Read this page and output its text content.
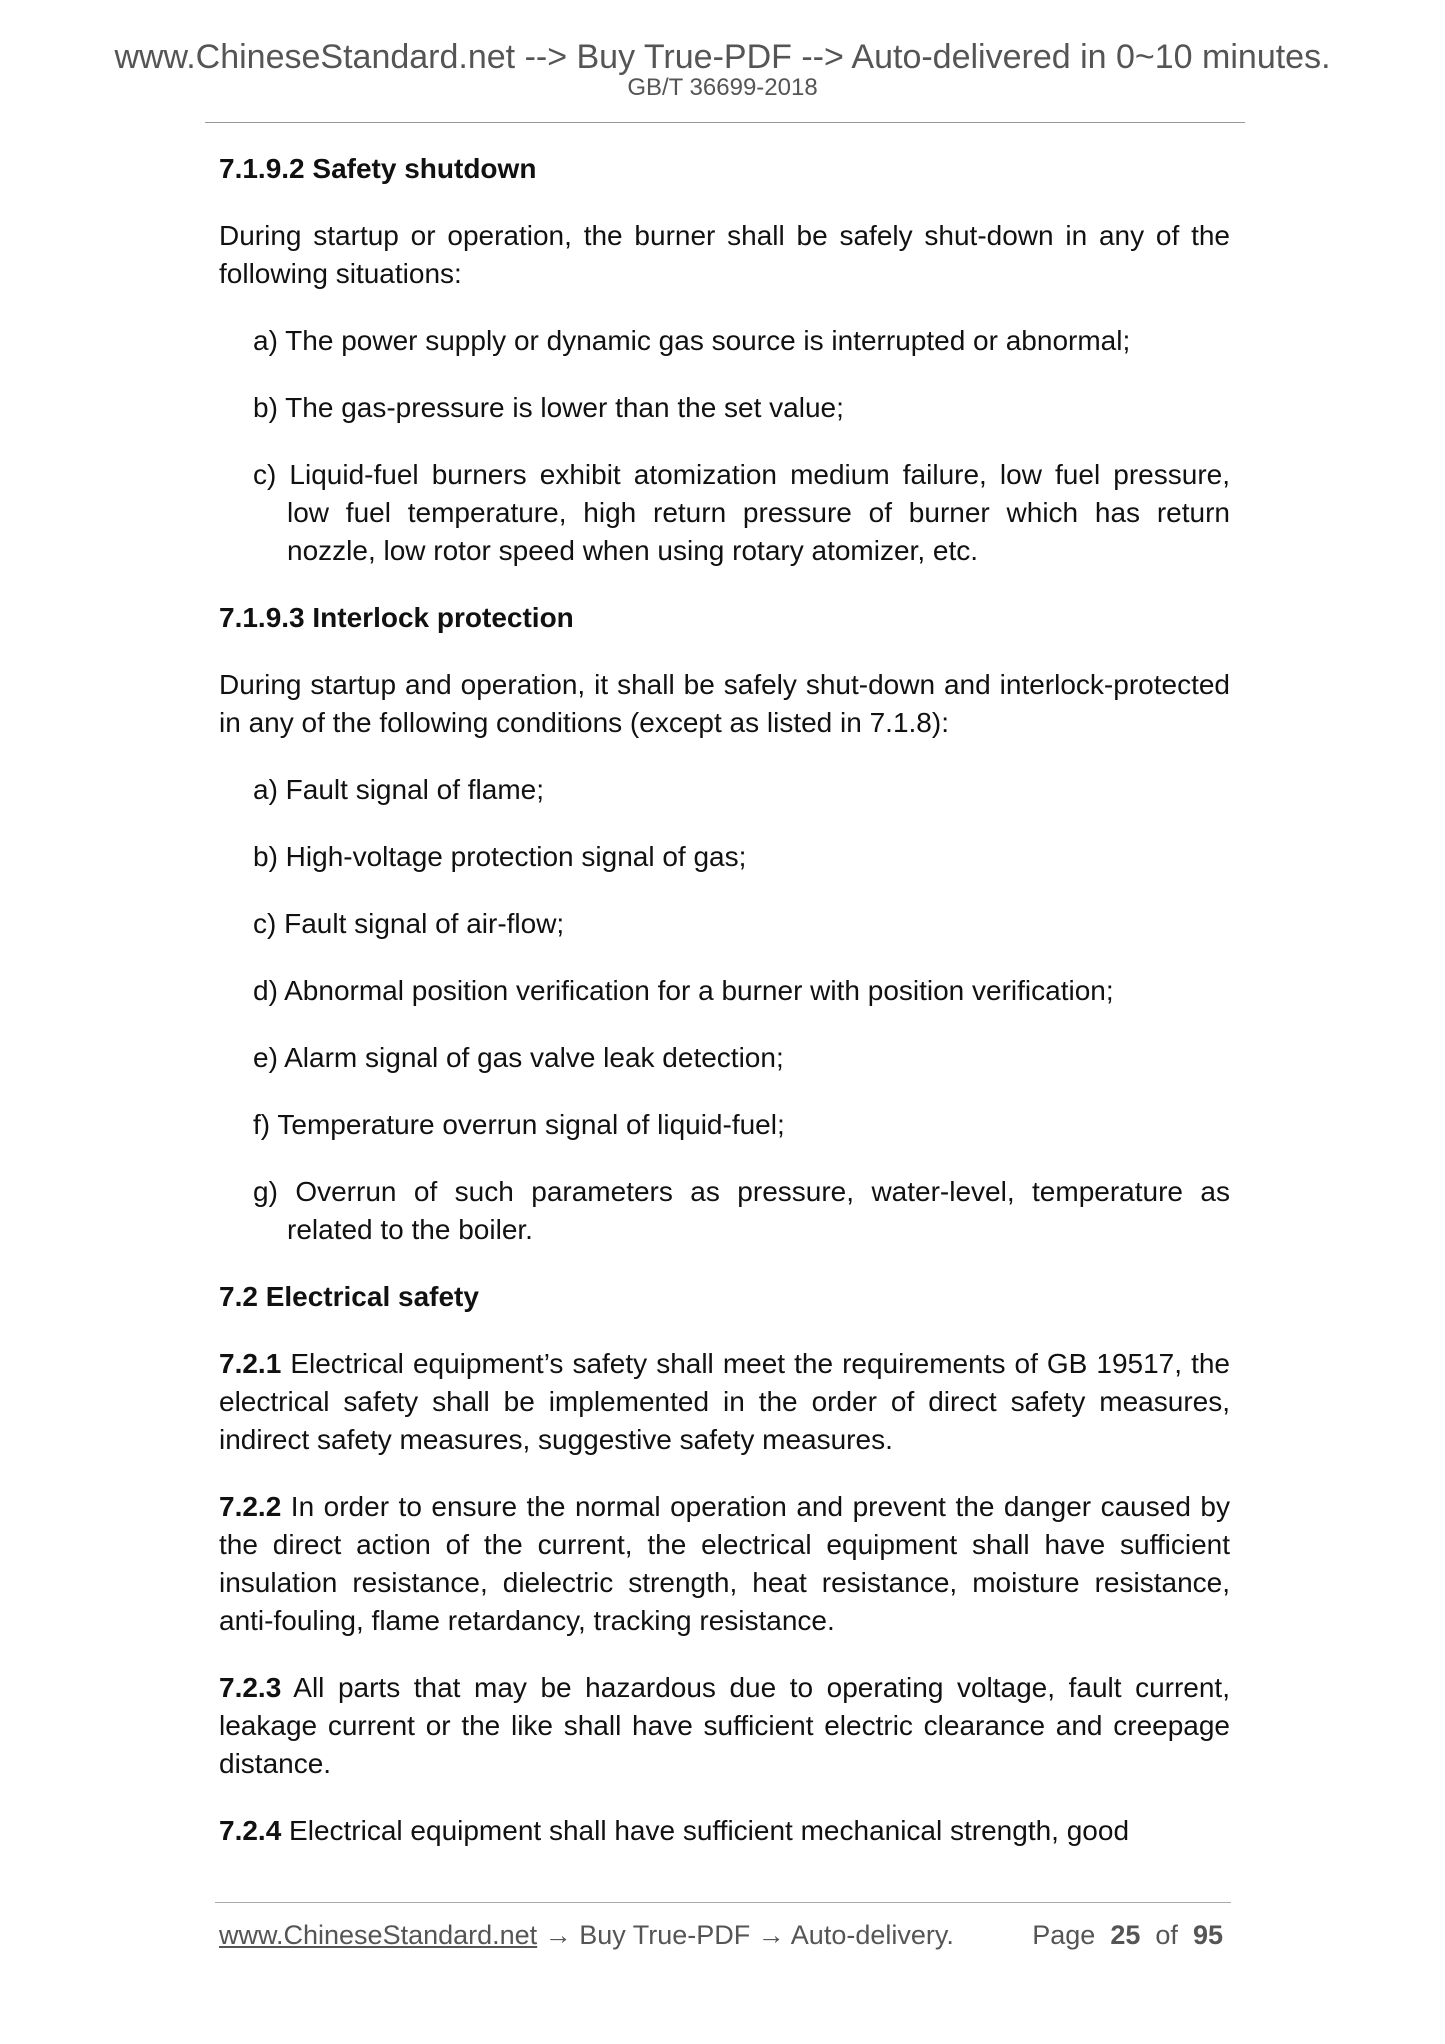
www.ChineseStandard.net --> Buy True-PDF --> Auto-delivered in 0~10 minutes.
GB/T 36699-2018

7.1.9.2 Safety shutdown

During startup or operation, the burner shall be safely shut-down in any of the following situations:

a) The power supply or dynamic gas source is interrupted or abnormal;

b) The gas-pressure is lower than the set value;

c) Liquid-fuel burners exhibit atomization medium failure, low fuel pressure, low fuel temperature, high return pressure of burner which has return nozzle, low rotor speed when using rotary atomizer, etc.

7.1.9.3 Interlock protection

During startup and operation, it shall be safely shut-down and interlock-protected in any of the following conditions (except as listed in 7.1.8):

a) Fault signal of flame;

b) High-voltage protection signal of gas;

c) Fault signal of air-flow;

d) Abnormal position verification for a burner with position verification;

e) Alarm signal of gas valve leak detection;

f) Temperature overrun signal of liquid-fuel;

g) Overrun of such parameters as pressure, water-level, temperature as related to the boiler.

7.2 Electrical safety

7.2.1 Electrical equipment’s safety shall meet the requirements of GB 19517, the electrical safety shall be implemented in the order of direct safety measures, indirect safety measures, suggestive safety measures.

7.2.2 In order to ensure the normal operation and prevent the danger caused by the direct action of the current, the electrical equipment shall have sufficient insulation resistance, dielectric strength, heat resistance, moisture resistance, anti-fouling, flame retardancy, tracking resistance.

7.2.3 All parts that may be hazardous due to operating voltage, fault current, leakage current or the like shall have sufficient electric clearance and creepage distance.

7.2.4 Electrical equipment shall have sufficient mechanical strength, good

www.ChineseStandard.net → Buy True-PDF → Auto-delivery.	Page 25 of 95
